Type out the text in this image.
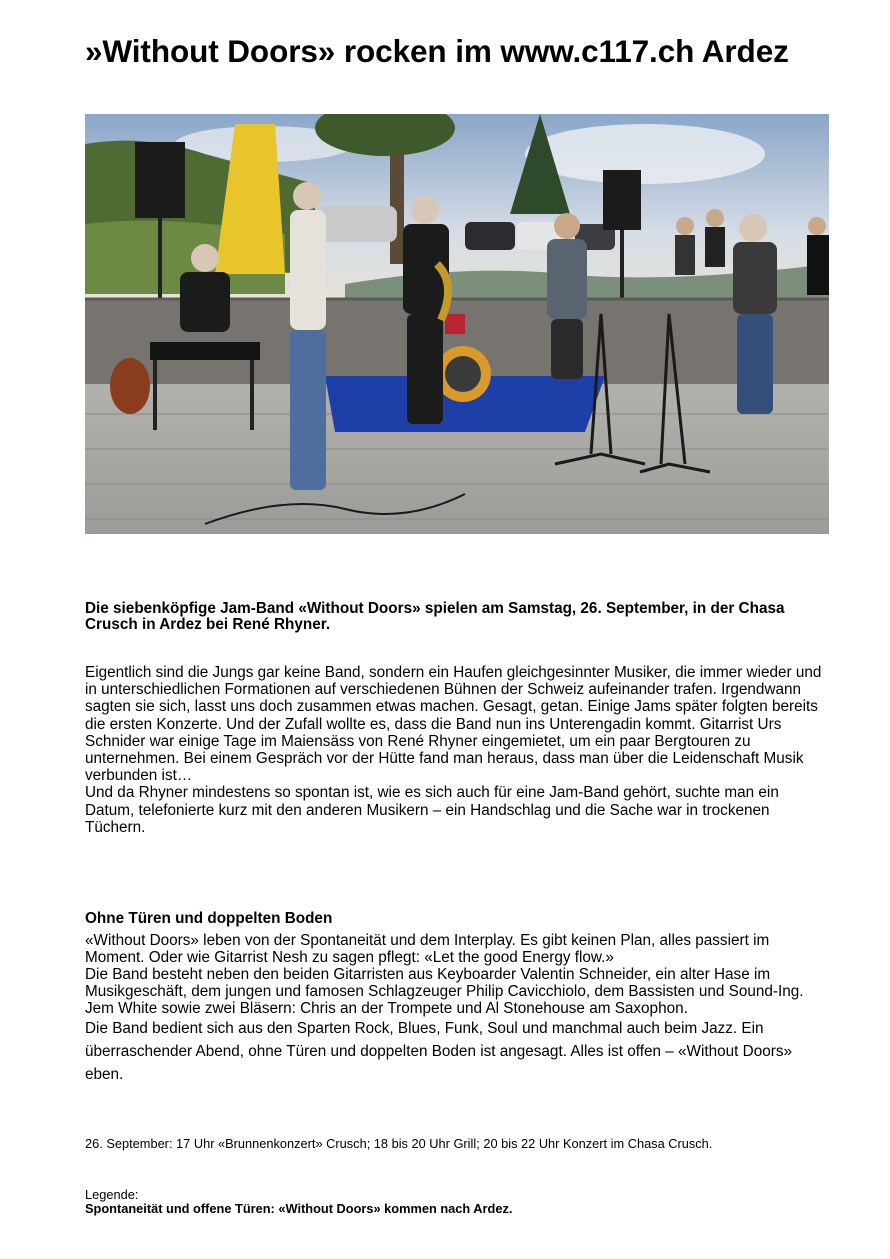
»Without Doors» rocken im www.c117.ch Ardez
Die siebenköpfige Jam-Band «Without Doors» spielen am Samstag, 26. September, in der Chasa Crusch in Ardez bei René Rhyner.

Eigentlich sind die Jungs gar keine Band, sondern ein Haufen gleichgesinnter Musiker, die immer wieder und in unterschiedlichen Formationen auf verschiedenen Bühnen der Schweiz aufeinander trafen. Irgendwann sagten sie sich, lasst uns doch zusammen etwas machen. Gesagt, getan. Einige Jams später folgten bereits die ersten Konzerte. Und der Zufall wollte es, dass die Band nun ins Unterengadin kommt. Gitarrist Urs Schnider war einige Tage im Maiensäss von René Rhyner eingemietet, um ein paar Bergtouren zu unternehmen. Bei einem Gespräch vor der Hütte fand man heraus, dass man über die Leidenschaft Musik verbunden ist…

Und da Rhyner mindestens so spontan ist, wie es sich auch für eine Jam-Band gehört, suchte man ein Datum, telefonierte kurz mit den anderen Musikern – ein Handschlag und die Sache war in trockenen Tüchern.

Ohne Türen und doppelten Boden

«Without Doors» leben von der Spontaneität und dem Interplay. Es gibt keinen Plan, alles passiert im Moment. Oder wie Gitarrist Nesh zu sagen pflegt: «Let the good Energy flow.»

Die Band besteht neben den beiden Gitarristen aus Keyboarder Valentin Schneider, ein alter Hase im Musikgeschäft, dem jungen und famosen Schlagzeuger Philip Cavicchiolo, dem Bassisten und Sound-Ing. Jem White sowie zwei Bläsern: Chris an der Trompete und Al Stonehouse am Saxophon.

Die Band bedient sich aus den Sparten Rock, Blues, Funk, Soul und manchmal auch beim Jazz. Ein überraschender Abend, ohne Türen und doppelten Boden ist angesagt. Alles ist offen – «Without Doors» eben.

26. September: 17 Uhr «Brunnenkonzert» Crusch; 18 bis 20 Uhr Grill; 20 bis 22 Uhr Konzert im Chasa Crusch.
Legende:
Spontaneität und offene Türen: «Without Doors» kommen nach Ardez.
